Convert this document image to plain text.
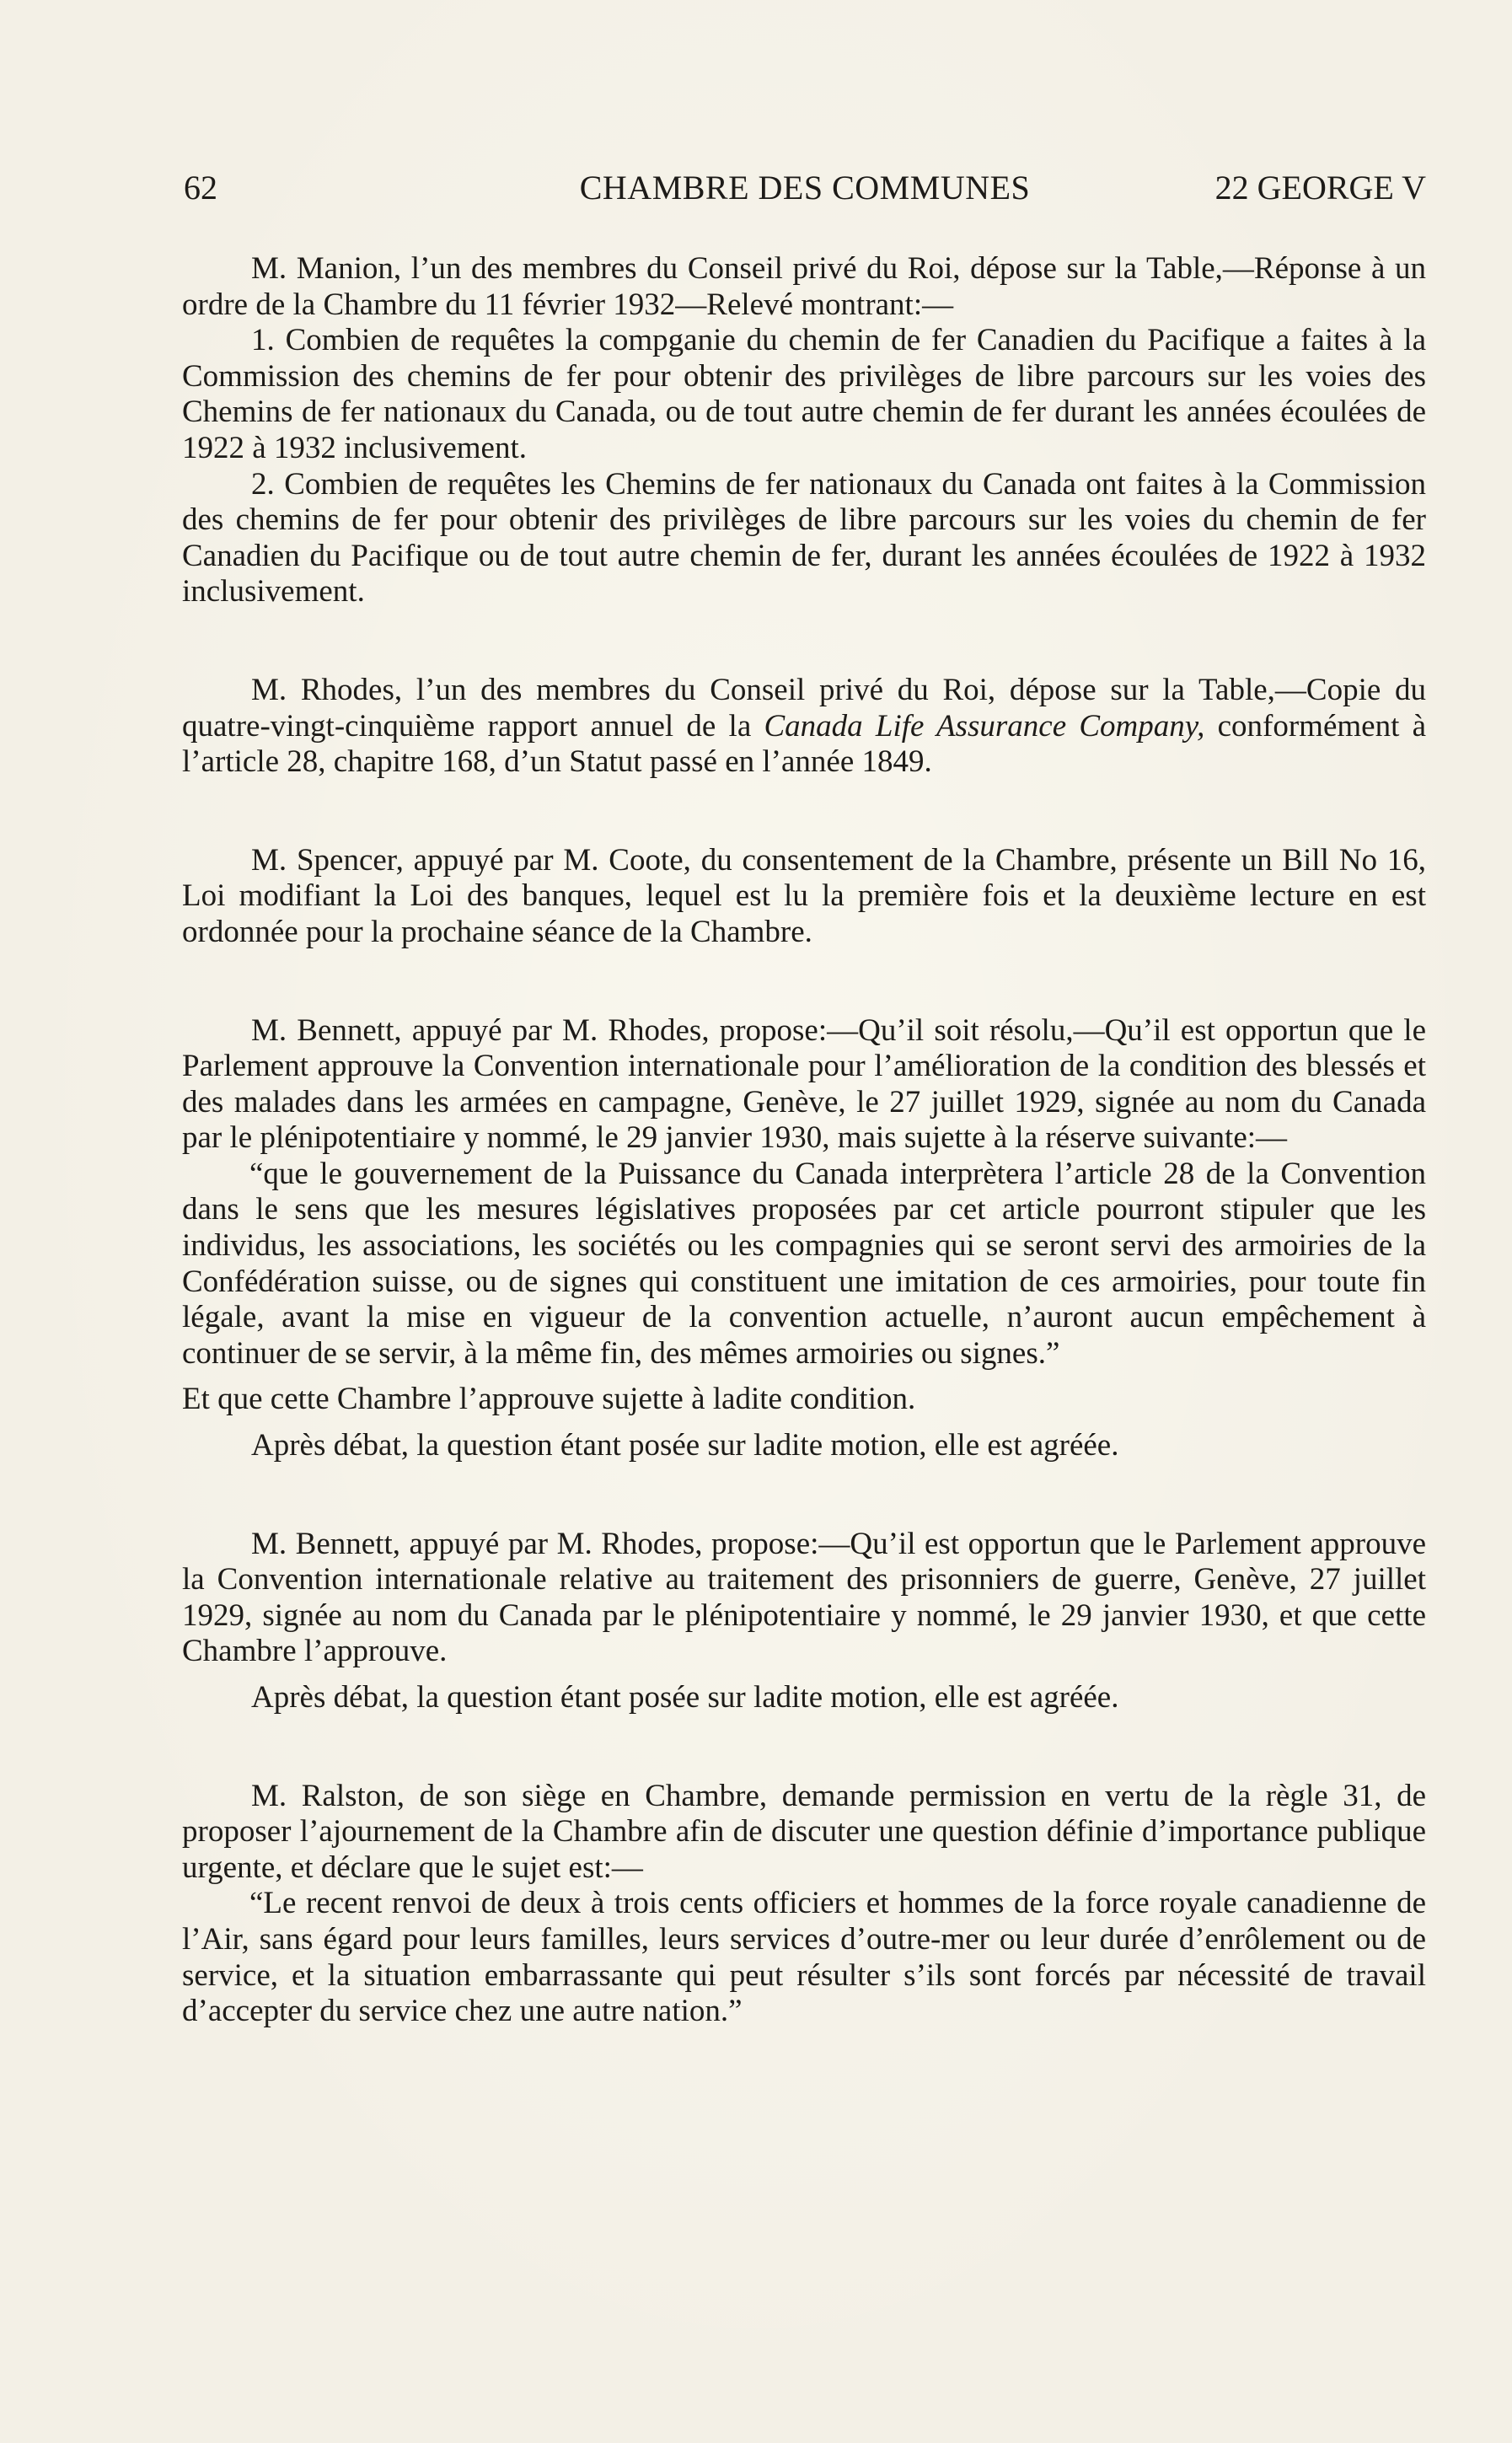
62	CHAMBRE DES COMMUNES	22 GEORGE V

M. Manion, l’un des membres du Conseil privé du Roi, dépose sur la Table,—Réponse à un ordre de la Chambre du 11 février 1932—Relevé montrant:—

1. Combien de requêtes la compganie du chemin de fer Canadien du Pacifique a faites à la Commission des chemins de fer pour obtenir des privilèges de libre parcours sur les voies des Chemins de fer nationaux du Canada, ou de tout autre chemin de fer durant les années écoulées de 1922 à 1932 inclusivement.

2. Combien de requêtes les Chemins de fer nationaux du Canada ont faites à la Commission des chemins de fer pour obtenir des privilèges de libre parcours sur les voies du chemin de fer Canadien du Pacifique ou de tout autre chemin de fer, durant les années écoulées de 1922 à 1932 inclusivement.

M. Rhodes, l’un des membres du Conseil privé du Roi, dépose sur la Table,—Copie du quatre-vingt-cinquième rapport annuel de la Canada Life Assurance Company, conformément à l’article 28, chapitre 168, d’un Statut passé en l’année 1849.

M. Spencer, appuyé par M. Coote, du consentement de la Chambre, présente un Bill No 16, Loi modifiant la Loi des banques, lequel est lu la première fois et la deuxième lecture en est ordonnée pour la prochaine séance de la Chambre.

M. Bennett, appuyé par M. Rhodes, propose:—Qu’il soit résolu,—Qu’il est opportun que le Parlement approuve la Convention internationale pour l’amélioration de la condition des blessés et des malades dans les armées en campagne, Genève, le 27 juillet 1929, signée au nom du Canada par le plénipotentiaire y nommé, le 29 janvier 1930, mais sujette à la réserve suivante:—

“que le gouvernement de la Puissance du Canada interprètera l’article 28 de la Convention dans le sens que les mesures législatives proposées par cet article pourront stipuler que les individus, les associations, les sociétés ou les compagnies qui se seront servi des armoiries de la Confédération suisse, ou de signes qui constituent une imitation de ces armoiries, pour toute fin légale, avant la mise en vigueur de la convention actuelle, n’auront aucun empêchement à continuer de se servir, à la même fin, des mêmes armoiries ou signes.”

Et que cette Chambre l’approuve sujette à ladite condition.

Après débat, la question étant posée sur ladite motion, elle est agréée.

M. Bennett, appuyé par M. Rhodes, propose:—Qu’il est opportun que le Parlement approuve la Convention internationale relative au traitement des prisonniers de guerre, Genève, 27 juillet 1929, signée au nom du Canada par le plénipotentiaire y nommé, le 29 janvier 1930, et que cette Chambre l’approuve.

Après débat, la question étant posée sur ladite motion, elle est agréée.

M. Ralston, de son siège en Chambre, demande permission en vertu de la règle 31, de proposer l’ajournement de la Chambre afin de discuter une question définie d’importance publique urgente, et déclare que le sujet est:—

“Le recent renvoi de deux à trois cents officiers et hommes de la force royale canadienne de l’Air, sans égard pour leurs familles, leurs services d’outre-mer ou leur durée d’enrôlement ou de service, et la situation embarrassante qui peut résulter s’ils sont forcés par nécessité de travail d’accepter du service chez une autre nation.”
